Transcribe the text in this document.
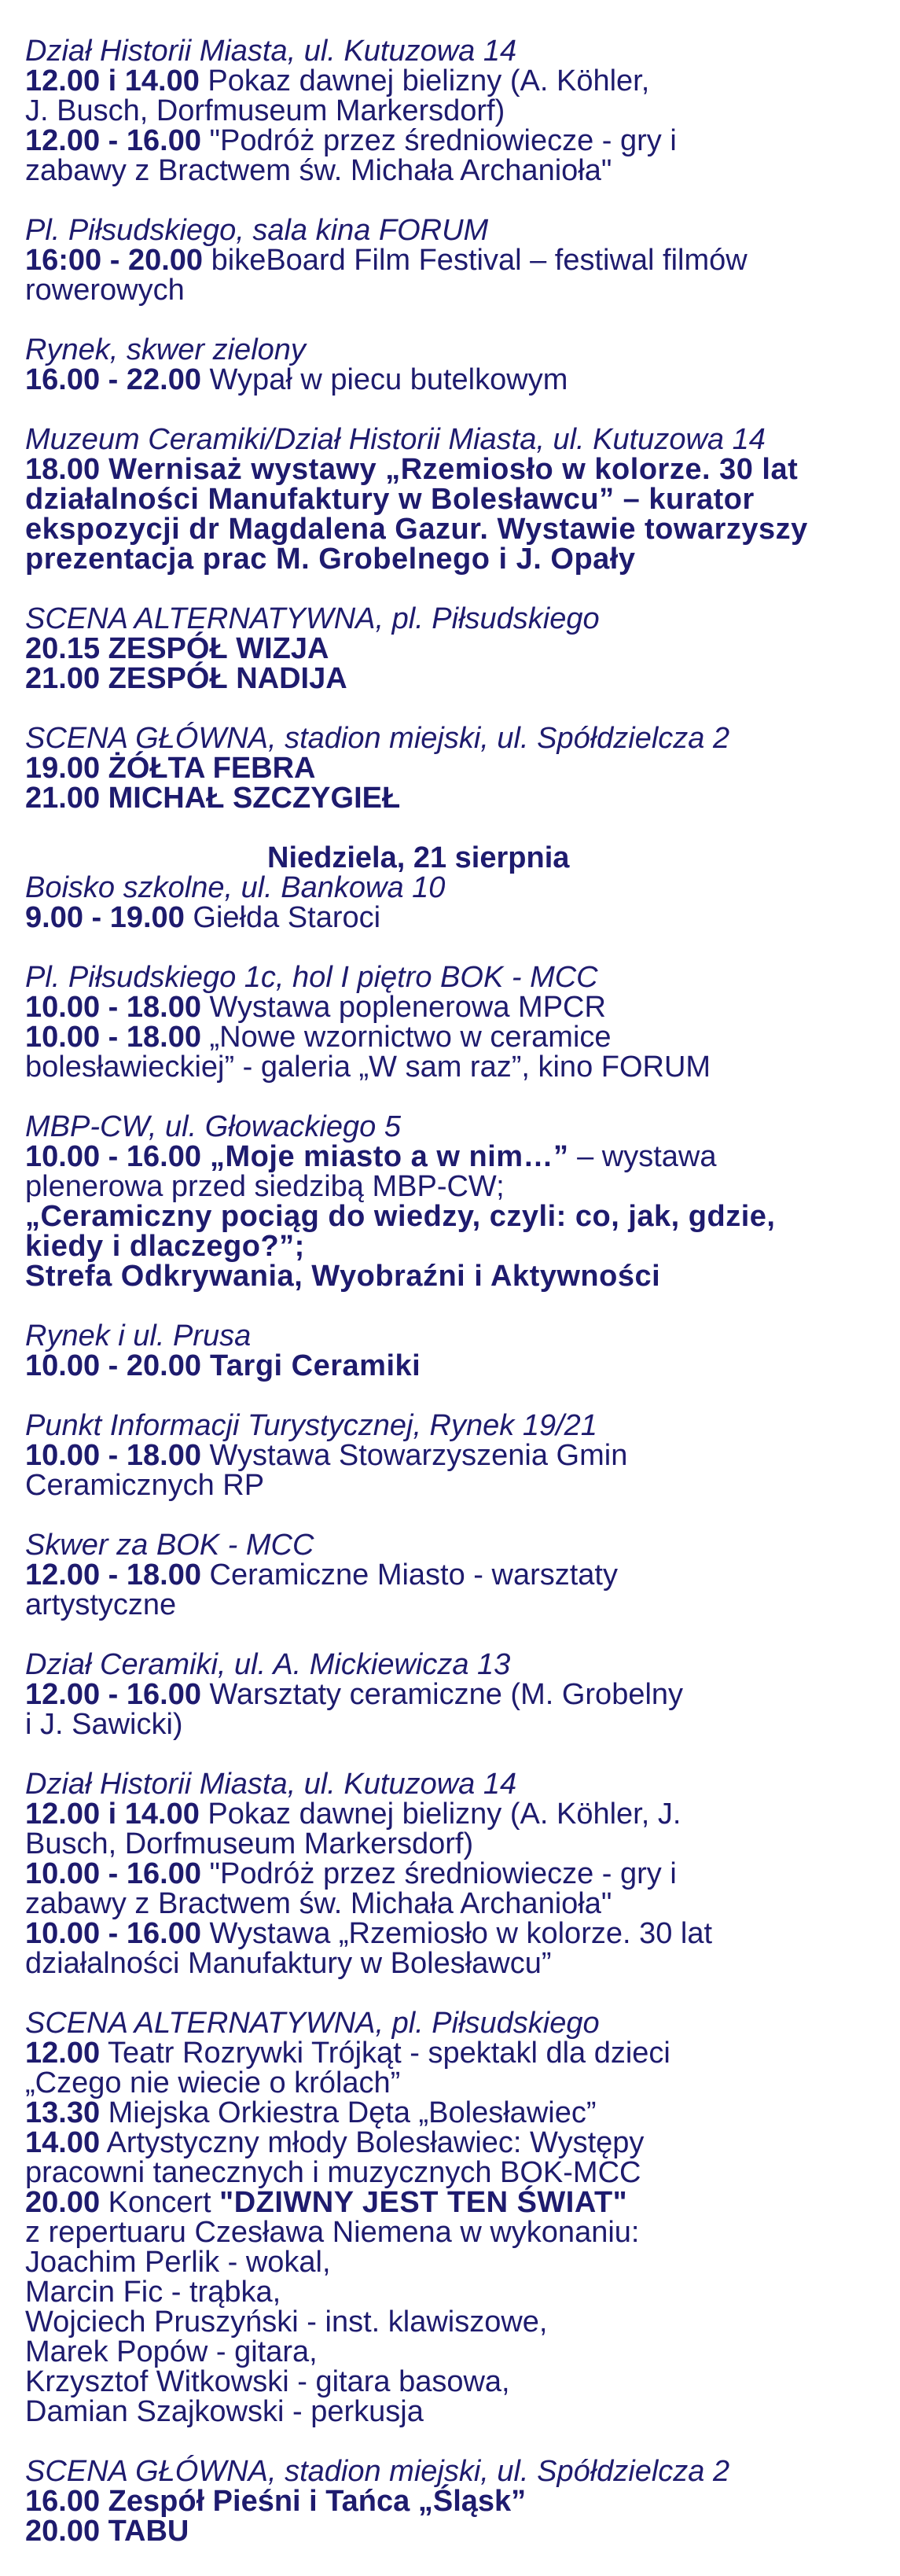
Dział Historii Miasta, ul. Kutuzowa 14

12.00 i 14.00 Pokaz dawnej bielizny (A. Köhler,

J. Busch, Dorfmuseum Markersdorf)

12.00 - 16.00 "Podróż przez średniowiecze - gry i

zabawy z Bractwem św. Michała Archanioła"

Pl. Piłsudskiego, sala kina FORUM

16:00 - 20.00 bikeBoard Film Festival – festiwal filmów

rowerowych

Rynek, skwer zielony

16.00 - 22.00 Wypał w piecu butelkowym

Muzeum Ceramiki/Dział Historii Miasta, ul. Kutuzowa 14

18.00 Wernisaż wystawy „Rzemiosło w kolorze. 30 lat

działalności Manufaktury w Bolesławcu” – kurator

ekspozycji dr Magdalena Gazur. Wystawie towarzyszy

prezentacja prac M. Grobelnego i J. Opały

SCENA ALTERNATYWNA, pl. Piłsudskiego

20.15 ZESPÓŁ WIZJA

21.00 ZESPÓŁ NADIJA

SCENA GŁÓWNA, stadion miejski, ul. Spółdzielcza 2

19.00 ŻÓŁTA FEBRA

21.00 MICHAŁ SZCZYGIEŁ

Niedziela, 21 sierpnia

Boisko szkolne, ul. Bankowa 10

9.00 - 19.00 Giełda Staroci

Pl. Piłsudskiego 1c, hol I piętro BOK - MCC

10.00 - 18.00 Wystawa poplenerowa MPCR

10.00 - 18.00 „Nowe wzornictwo w ceramice

bolesławieckiej” - galeria „W sam raz”, kino FORUM

MBP-CW, ul. Głowackiego 5

10.00 - 16.00 „Moje miasto a w nim…” – wystawa

plenerowa przed siedzibą MBP-CW;

„Ceramiczny pociąg do wiedzy, czyli: co, jak, gdzie,

kiedy i dlaczego?”;

Strefa Odkrywania, Wyobraźni i Aktywności

Rynek i ul. Prusa

10.00 - 20.00 Targi Ceramiki

Punkt Informacji Turystycznej, Rynek 19/21

10.00 - 18.00 Wystawa Stowarzyszenia Gmin

Ceramicznych RP

Skwer za BOK - MCC

12.00 - 18.00 Ceramiczne Miasto - warsztaty

artystyczne

Dział Ceramiki, ul. A. Mickiewicza 13

12.00 - 16.00 Warsztaty ceramiczne (M. Grobelny

i J. Sawicki)

Dział Historii Miasta, ul. Kutuzowa 14

12.00 i 14.00 Pokaz dawnej bielizny (A. Köhler, J.

Busch, Dorfmuseum Markersdorf)

10.00 - 16.00 "Podróż przez średniowiecze - gry i

zabawy z Bractwem św. Michała Archanioła"

10.00 - 16.00 Wystawa „Rzemiosło w kolorze. 30 lat

działalności Manufaktury w Bolesławcu”

SCENA ALTERNATYWNA, pl. Piłsudskiego

12.00 Teatr Rozrywki Trójkąt - spektakl dla dzieci

„Czego nie wiecie o królach”

13.30 Miejska Orkiestra Dęta „Bolesławiec”

14.00 Artystyczny młody Bolesławiec: Występy

pracowni tanecznych i muzycznych BOK-MCC

20.00 Koncert "DZIWNY JEST TEN ŚWIAT"

z repertuaru Czesława Niemena w wykonaniu:

Joachim Perlik - wokal,

Marcin Fic - trąbka,

Wojciech Pruszyński - inst. klawiszowe,

Marek Popów - gitara,

Krzysztof Witkowski - gitara basowa,

Damian Szajkowski - perkusja

SCENA GŁÓWNA, stadion miejski, ul. Spółdzielcza 2

16.00 Zespół Pieśni i Tańca „Śląsk”

20.00 TABU
